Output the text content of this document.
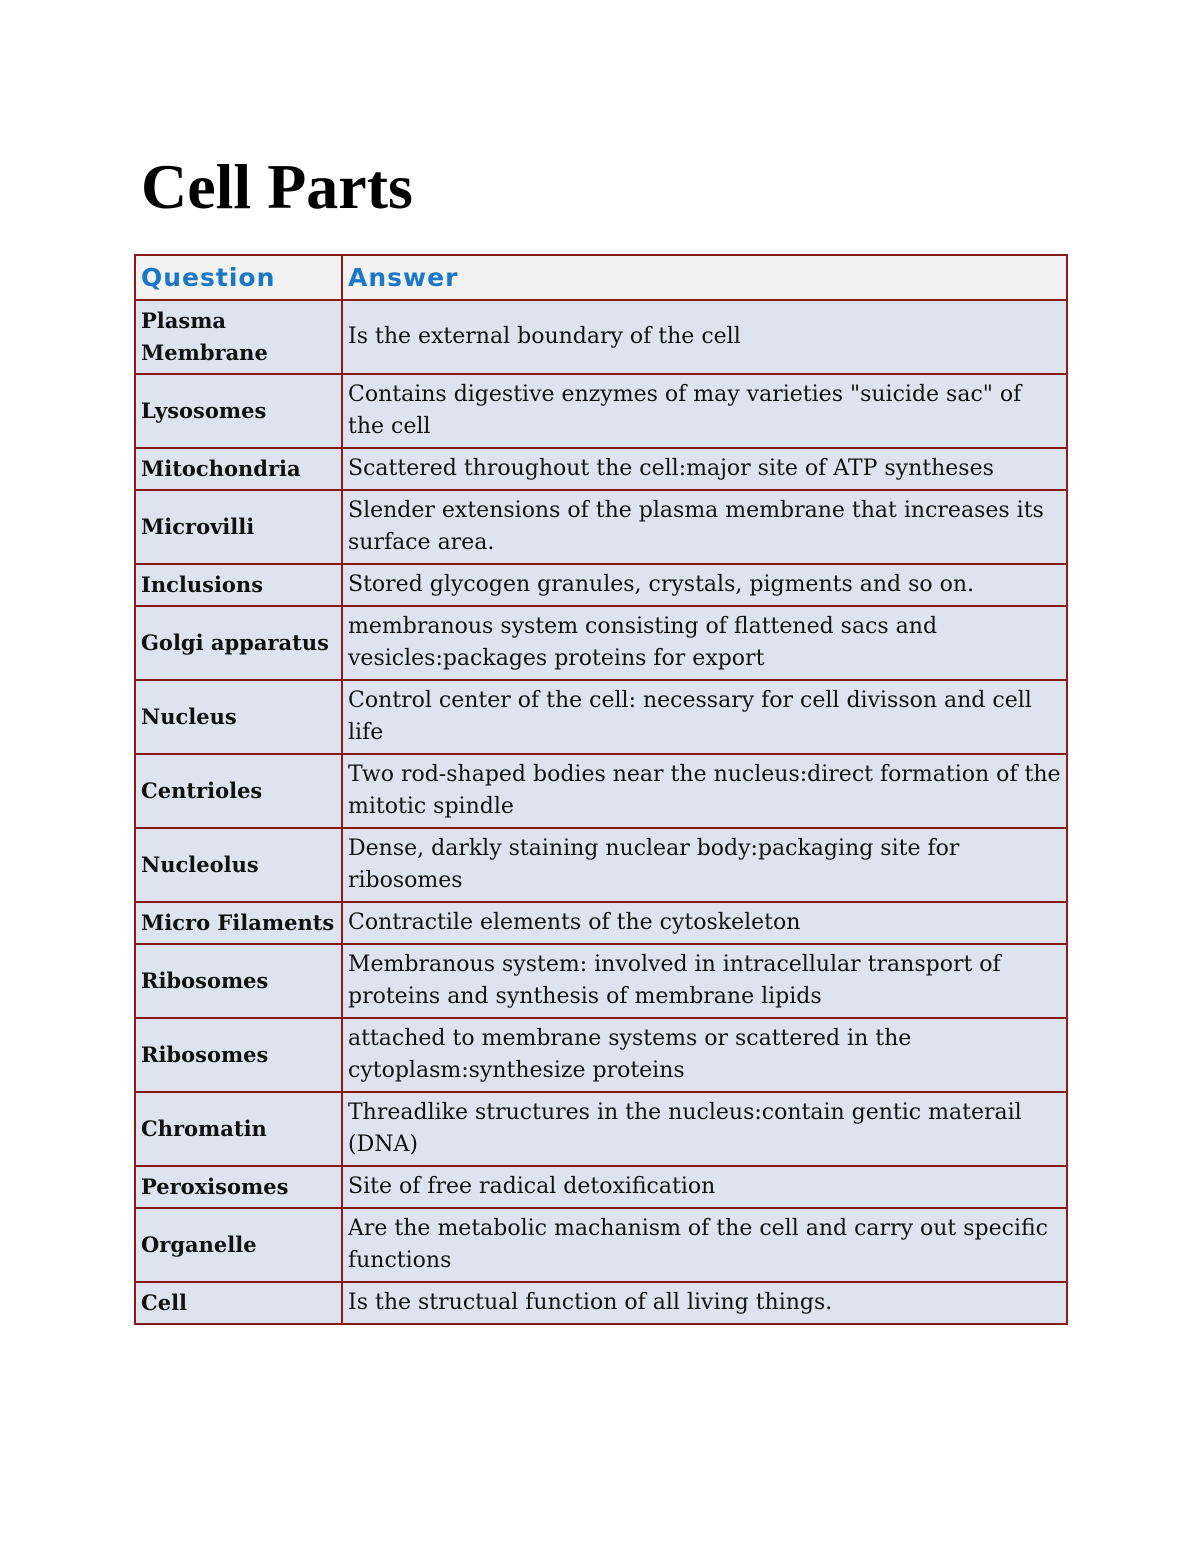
Cell Parts
Question	Answer
Plasma Membrane	Is the external boundary of the cell
Lysosomes	Contains digestive enzymes of may varieties "suicide sac" of the cell
Mitochondria	Scattered throughout the cell:major site of ATP syntheses
Microvilli	Slender extensions of the plasma membrane that increases its surface area.
Inclusions	Stored glycogen granules, crystals, pigments and so on.
Golgi apparatus	membranous system consisting of flattened sacs and vesicles:packages proteins for export
Nucleus	Control center of the cell: necessary for cell divisson and cell life
Centrioles	Two rod-shaped bodies near the nucleus:direct formation of the mitotic spindle
Nucleolus	Dense, darkly staining nuclear body:packaging site for ribosomes
Micro Filaments	Contractile elements of the cytoskeleton
Ribosomes	Membranous system: involved in intracellular transport of proteins and synthesis of membrane lipids
Ribosomes	attached to membrane systems or scattered in the cytoplasm:synthesize proteins
Chromatin	Threadlike structures in the nucleus:contain gentic materail (DNA)
Peroxisomes	Site of free radical detoxification
Organelle	Are the metabolic machanism of the cell and carry out specific functions
Cell	Is the structual function of all living things.
